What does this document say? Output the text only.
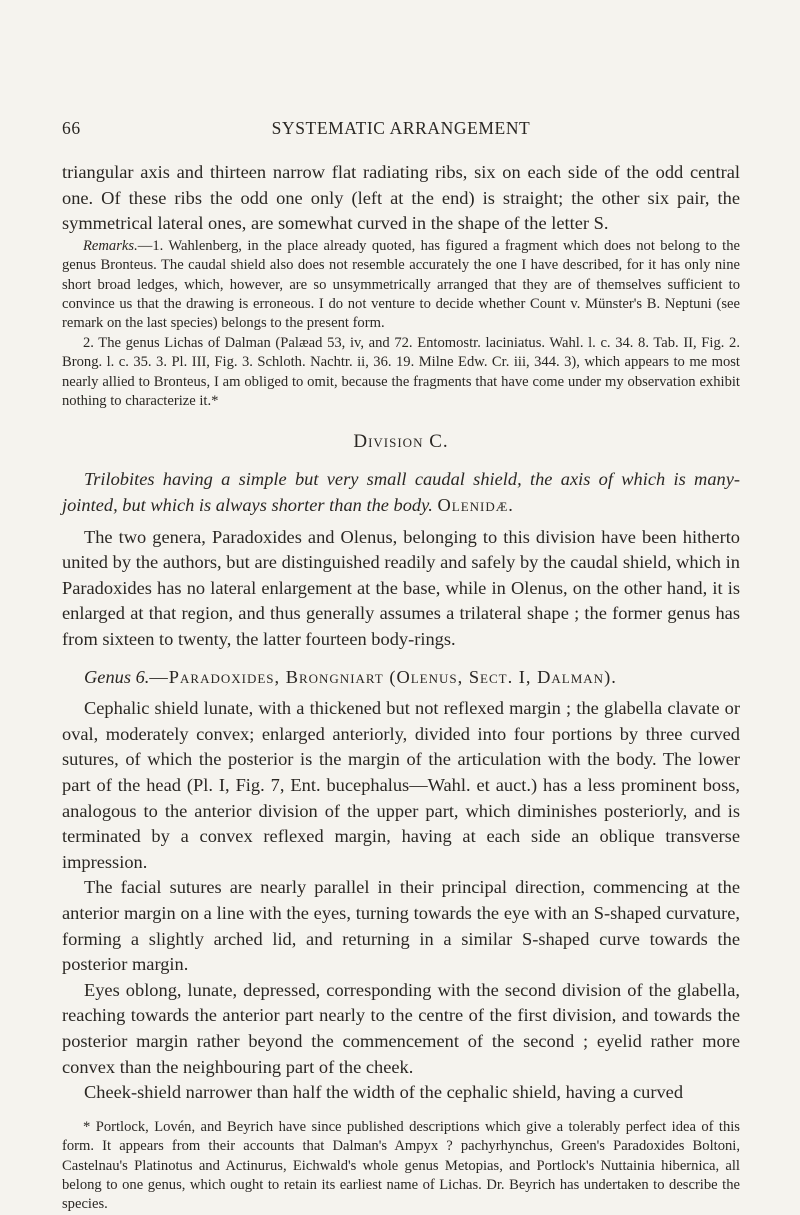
66	SYSTEMATIC ARRANGEMENT

triangular axis and thirteen narrow flat radiating ribs, six on each side of the odd central one. Of these ribs the odd one only (left at the end) is straight; the other six pair, the symmetrical lateral ones, are somewhat curved in the shape of the letter S.

Remarks.—1. Wahlenberg, in the place already quoted, has figured a fragment which does not belong to the genus Bronteus. The caudal shield also does not resemble accurately the one I have described, for it has only nine short broad ledges, which, however, are so unsymmetrically arranged that they are of themselves sufficient to convince us that the drawing is erroneous. I do not venture to decide whether Count v. Münster's B. Neptuni (see remark on the last species) belongs to the present form.

2. The genus Lichas of Dalman (Palæad 53, iv, and 72. Entomostr. laciniatus. Wahl. l. c. 34. 8. Tab. II, Fig. 2. Brong. l. c. 35. 3. Pl. III, Fig. 3. Schloth. Nachtr. ii, 36. 19. Milne Edw. Cr. iii, 344. 3), which appears to me most nearly allied to Bronteus, I am obliged to omit, because the fragments that have come under my observation exhibit nothing to characterize it.*

Division C.

Trilobites having a simple but very small caudal shield, the axis of which is many-jointed, but which is always shorter than the body. Olenidæ.

The two genera, Paradoxides and Olenus, belonging to this division have been hitherto united by the authors, but are distinguished readily and safely by the caudal shield, which in Paradoxides has no lateral enlargement at the base, while in Olenus, on the other hand, it is enlarged at that region, and thus generally assumes a trilateral shape ; the former genus has from sixteen to twenty, the latter fourteen body-rings.

Genus 6.—Paradoxides, Brongniart (Olenus, Sect. I, Dalman).

Cephalic shield lunate, with a thickened but not reflexed margin ; the glabella clavate or oval, moderately convex; enlarged anteriorly, divided into four portions by three curved sutures, of which the posterior is the margin of the articulation with the body. The lower part of the head (Pl. I, Fig. 7, Ent. bucephalus—Wahl. et auct.) has a less prominent boss, analogous to the anterior division of the upper part, which diminishes posteriorly, and is terminated by a convex reflexed margin, having at each side an oblique transverse impression.

The facial sutures are nearly parallel in their principal direction, commencing at the anterior margin on a line with the eyes, turning towards the eye with an S-shaped curvature, forming a slightly arched lid, and returning in a similar S-shaped curve towards the posterior margin.

Eyes oblong, lunate, depressed, corresponding with the second division of the glabella, reaching towards the anterior part nearly to the centre of the first division, and towards the posterior margin rather beyond the commencement of the second ; eyelid rather more convex than the neighbouring part of the cheek.

Cheek-shield narrower than half the width of the cephalic shield, having a curved

* Portlock, Lovén, and Beyrich have since published descriptions which give a tolerably perfect idea of this form. It appears from their accounts that Dalman's Ampyx ? pachyrhynchus, Green's Paradoxides Boltoni, Castelnau's Platinotus and Actinurus, Eichwald's whole genus Metopias, and Portlock's Nuttainia hibernica, all belong to one genus, which ought to retain its earliest name of Lichas. Dr. Beyrich has undertaken to describe the species.
